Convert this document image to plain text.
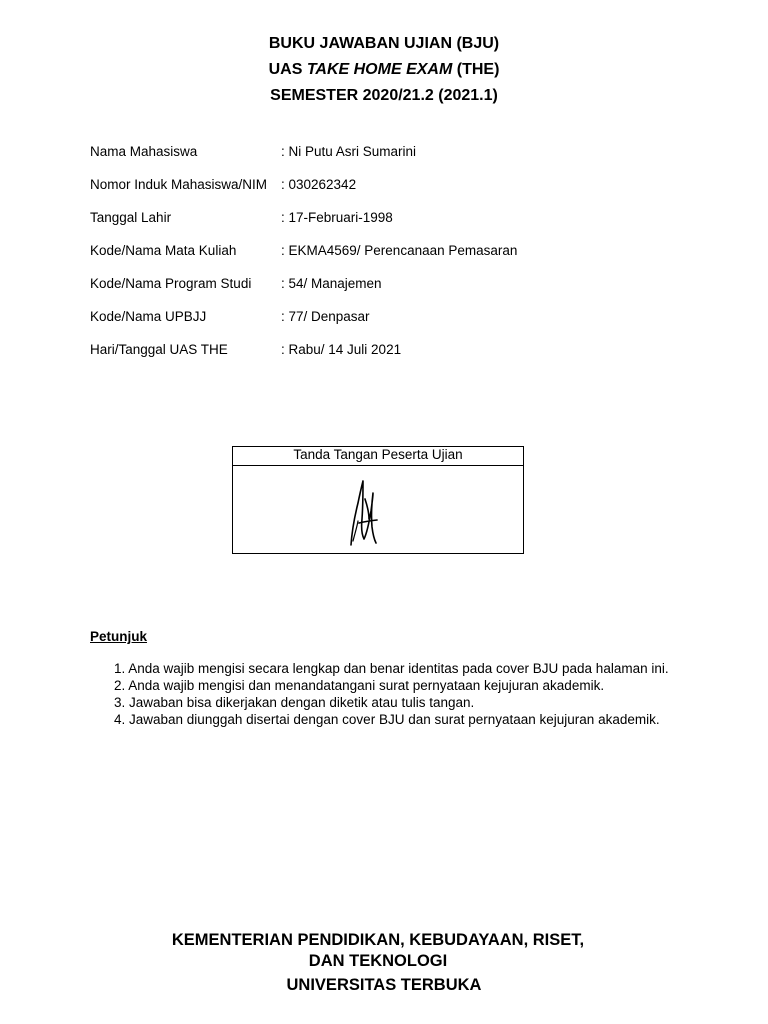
BUKU JAWABAN UJIAN (BJU)
UAS TAKE HOME EXAM (THE)
SEMESTER 2020/21.2 (2021.1)
Nama Mahasiswa	: Ni Putu Asri Sumarini
Nomor Induk Mahasiswa/NIM : 030262342
Tanggal Lahir	: 17-Februari-1998
Kode/Nama Mata Kuliah	: EKMA4569/ Perencanaan Pemasaran
Kode/Nama Program Studi : 54/ Manajemen
Kode/Nama UPBJJ	: 77/ Denpasar
Hari/Tanggal UAS THE	: Rabu/ 14 Juli 2021
Tanda Tangan Peserta Ujian
Petunjuk
1. Anda wajib mengisi secara lengkap dan benar identitas pada cover BJU pada halaman ini.
2. Anda wajib mengisi dan menandatangani surat pernyataan kejujuran akademik.
3. Jawaban bisa dikerjakan dengan diketik atau tulis tangan.
4. Jawaban diunggah disertai dengan cover BJU dan surat pernyataan kejujuran akademik.
KEMENTERIAN PENDIDIKAN, KEBUDAYAAN, RISET,
DAN TEKNOLOGI
UNIVERSITAS TERBUKA
